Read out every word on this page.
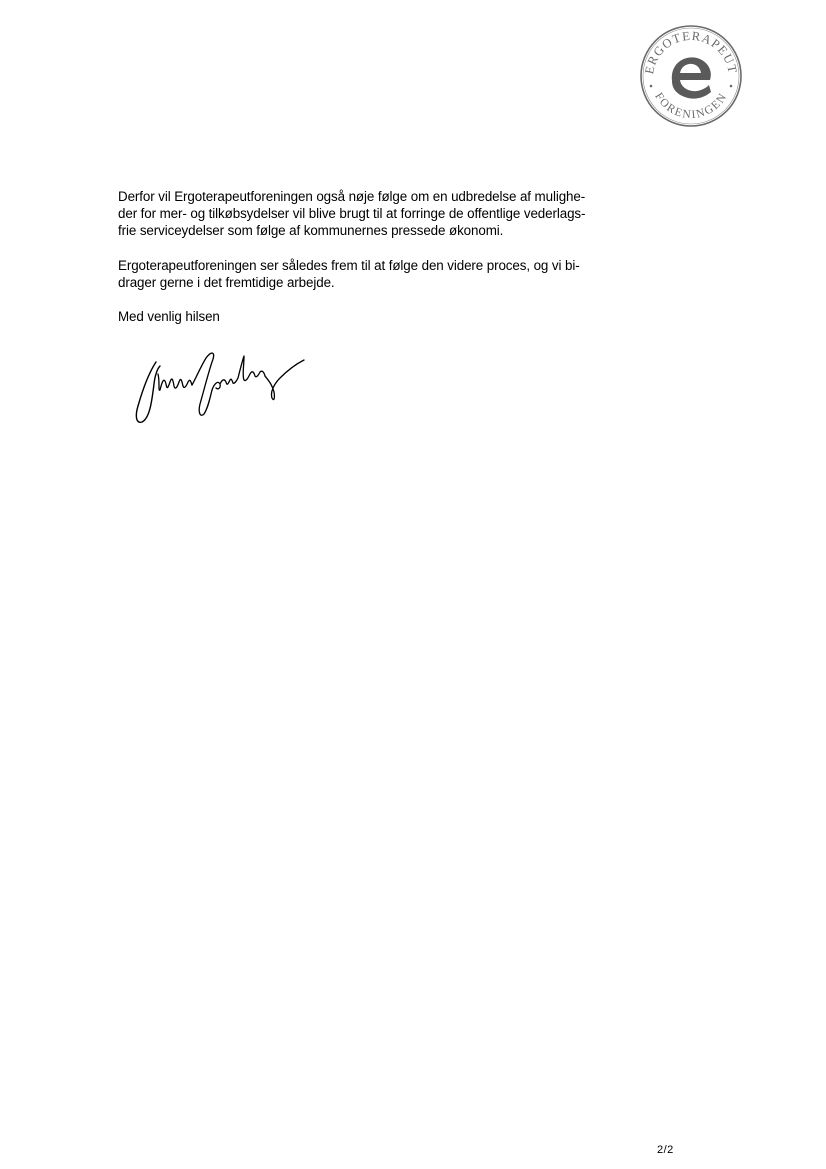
ERGOTERAPEUT
FORENINGEN

Derfor vil Ergoterapeutforeningen også nøje følge om en udbredelse af mulighe-
der for mer- og tilkøbsydelser vil blive brugt til at forringe de offentlige vederlags-
frie serviceydelser som følge af kommunernes pressede økonomi.

Ergoterapeutforeningen ser således frem til at følge den videre proces, og vi bi-
drager gerne i det fremtidige arbejde.

Med venlig hilsen

2/2
